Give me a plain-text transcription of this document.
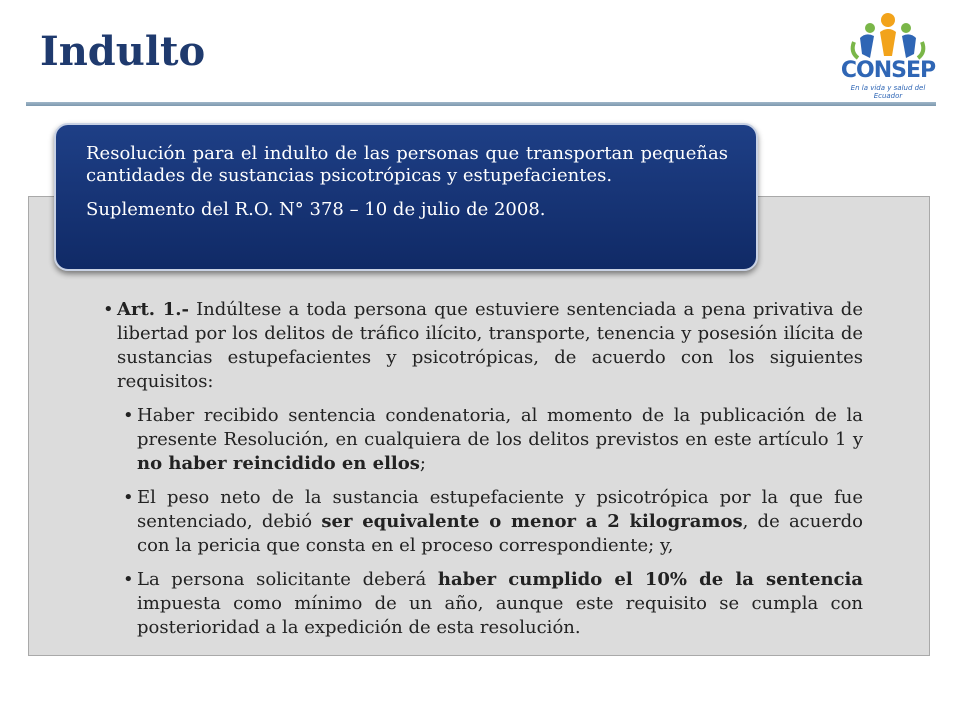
Indulto	CONSEP
En la vida y salud del Ecuador

Resolución para el indulto de las personas que transportan pequeñas cantidades de sustancias psicotrópicas y estupefacientes.

Suplemento del R.O. N° 378 – 10 de julio de 2008.

• Art. 1.- Indúltese a toda persona que estuviere sentenciada a pena privativa de libertad por los delitos de tráfico ilícito, transporte, tenencia y posesión ilícita de sustancias estupefacientes y psicotrópicas, de acuerdo con los siguientes requisitos:
• Haber recibido sentencia condenatoria, al momento de la publicación de la presente Resolución, en cualquiera de los delitos previstos en este artículo 1 y no haber reincidido en ellos;
• El peso neto de la sustancia estupefaciente y psicotrópica por la que fue sentenciado, debió ser equivalente o menor a 2 kilogramos, de acuerdo con la pericia que consta en el proceso correspondiente; y,
• La persona solicitante deberá haber cumplido el 10% de la sentencia impuesta como mínimo de un año, aunque este requisito se cumpla con posterioridad a la expedición de esta resolución.
